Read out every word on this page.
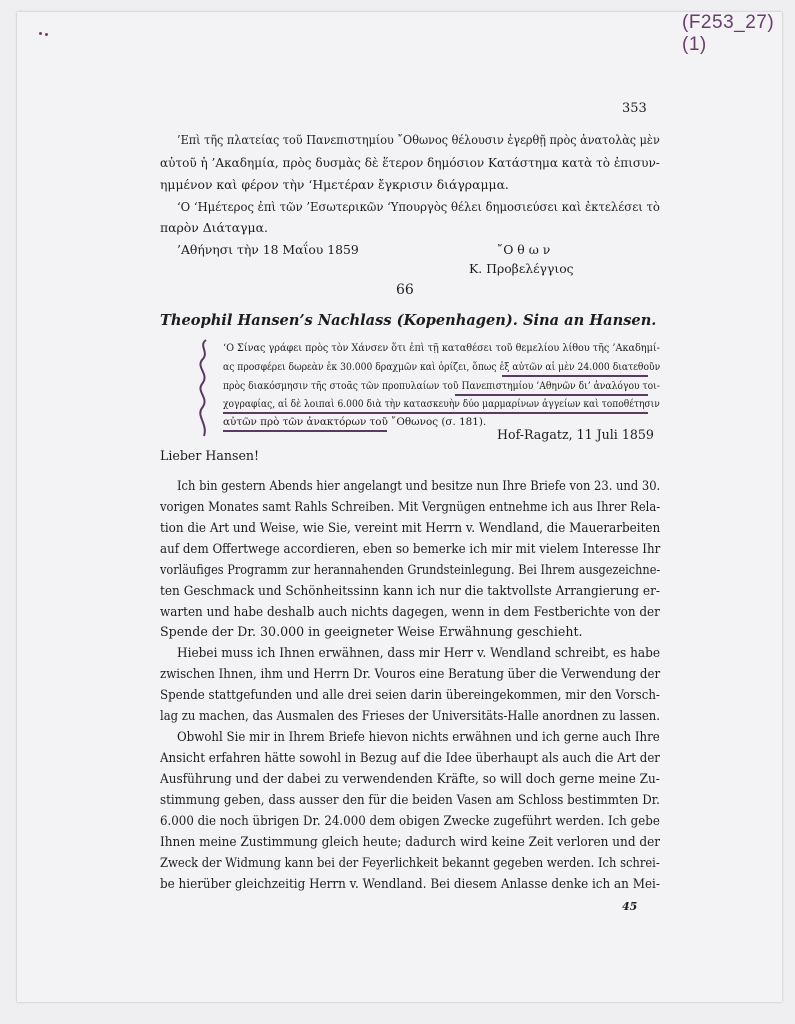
(F253_27)(1)
353
’Επὶ τῆς πλατείας τοῦ Πανεπιστημίου ῎Οθωνος θέλουσιν ἐγερθῇ πρὸς ἀνατολὰς μὲν
αὐτοῦ ἡ ’Ακαδημία, πρὸς δυσμὰς δὲ ἕτερον δημόσιον Κατάστημα κατὰ τὸ ἐπισυν-
ημμένον καὶ φέρον τὴν ‘Ημετέραν ἔγκρισιν διάγραμμα.
‘Ο ‘Ημέτερος ἐπὶ τῶν ’Εσωτερικῶν ‘Υπουργὸς θέλει δημοσιεύσει καὶ ἐκτελέσει τὸ
παρὸν Διάταγμα.
’Αθήνησι τὴν 18 Μαΐου 1859	῎Ο θ ω ν
Κ. Προβελέγγιος
66
Theophil Hansen’s Nachlass (Kopenhagen). Sina an Hansen.
‘Ο Σίνας γράφει πρὸς τὸν Χάνσεν ὅτι ἐπὶ τῇ καταθέσει τοῦ θεμελίου λίθου τῆς ’Ακαδημί-
ας προσφέρει δωρεὰν ἐκ 30.000 δραχμῶν καὶ ὁρίζει, ὅπως ἐξ αὐτῶν αἱ μὲν 24.000 διατεθοῦν
πρὸς διακόσμησιν τῆς στοᾶς τῶν προπυλαίων τοῦ Πανεπιστημίου ’Αθηνῶν δι’ ἀναλόγου τοι-
χογραφίας, αἱ δὲ λοιπαὶ 6.000 διὰ τὴν κατασκευὴν δύο μαρμαρίνων ἀγγείων καὶ τοποθέτησιν
αὐτῶν πρὸ τῶν ἀνακτόρων τοῦ ῎Οθωνος (σ. 181).
Hof-Ragatz, 11 Juli 1859
Lieber Hansen!
Ich bin gestern Abends hier angelangt und besitze nun Ihre Briefe von 23. und 30.
vorigen Monates samt Rahls Schreiben. Mit Vergnügen entnehme ich aus Ihrer Rela-
tion die Art und Weise, wie Sie, vereint mit Herrn v. Wendland, die Mauerarbeiten
auf dem Offertwege accordieren, eben so bemerke ich mir mit vielem Interesse Ihr
vorläufiges Programm zur herannahenden Grundsteinlegung. Bei Ihrem ausgezeichne-
ten Geschmack und Schönheitssinn kann ich nur die taktvollste Arrangierung er-
warten und habe deshalb auch nichts dagegen, wenn in dem Festberichte von der
Spende der Dr. 30.000 in geeigneter Weise Erwähnung geschieht.
Hiebei muss ich Ihnen erwähnen, dass mir Herr v. Wendland schreibt, es habe
zwischen Ihnen, ihm und Herrn Dr. Vouros eine Beratung über die Verwendung der
Spende stattgefunden und alle drei seien darin übereingekommen, mir den Vorsch-
lag zu machen, das Ausmalen des Frieses der Universitäts-Halle anordnen zu lassen.
Obwohl Sie mir in Ihrem Briefe hievon nichts erwähnen und ich gerne auch Ihre
Ansicht erfahren hätte sowohl in Bezug auf die Idee überhaupt als auch die Art der
Ausführung und der dabei zu verwendenden Kräfte, so will doch gerne meine Zu-
stimmung geben, dass ausser den für die beiden Vasen am Schloss bestimmten Dr.
6.000 die noch übrigen Dr. 24.000 dem obigen Zwecke zugeführt werden. Ich gebe
Ihnen meine Zustimmung gleich heute; dadurch wird keine Zeit verloren und der
Zweck der Widmung kann bei der Feyerlichkeit bekannt gegeben werden. Ich schrei-
be hierüber gleichzeitig Herrn v. Wendland. Bei diesem Anlasse denke ich an Mei-
45
